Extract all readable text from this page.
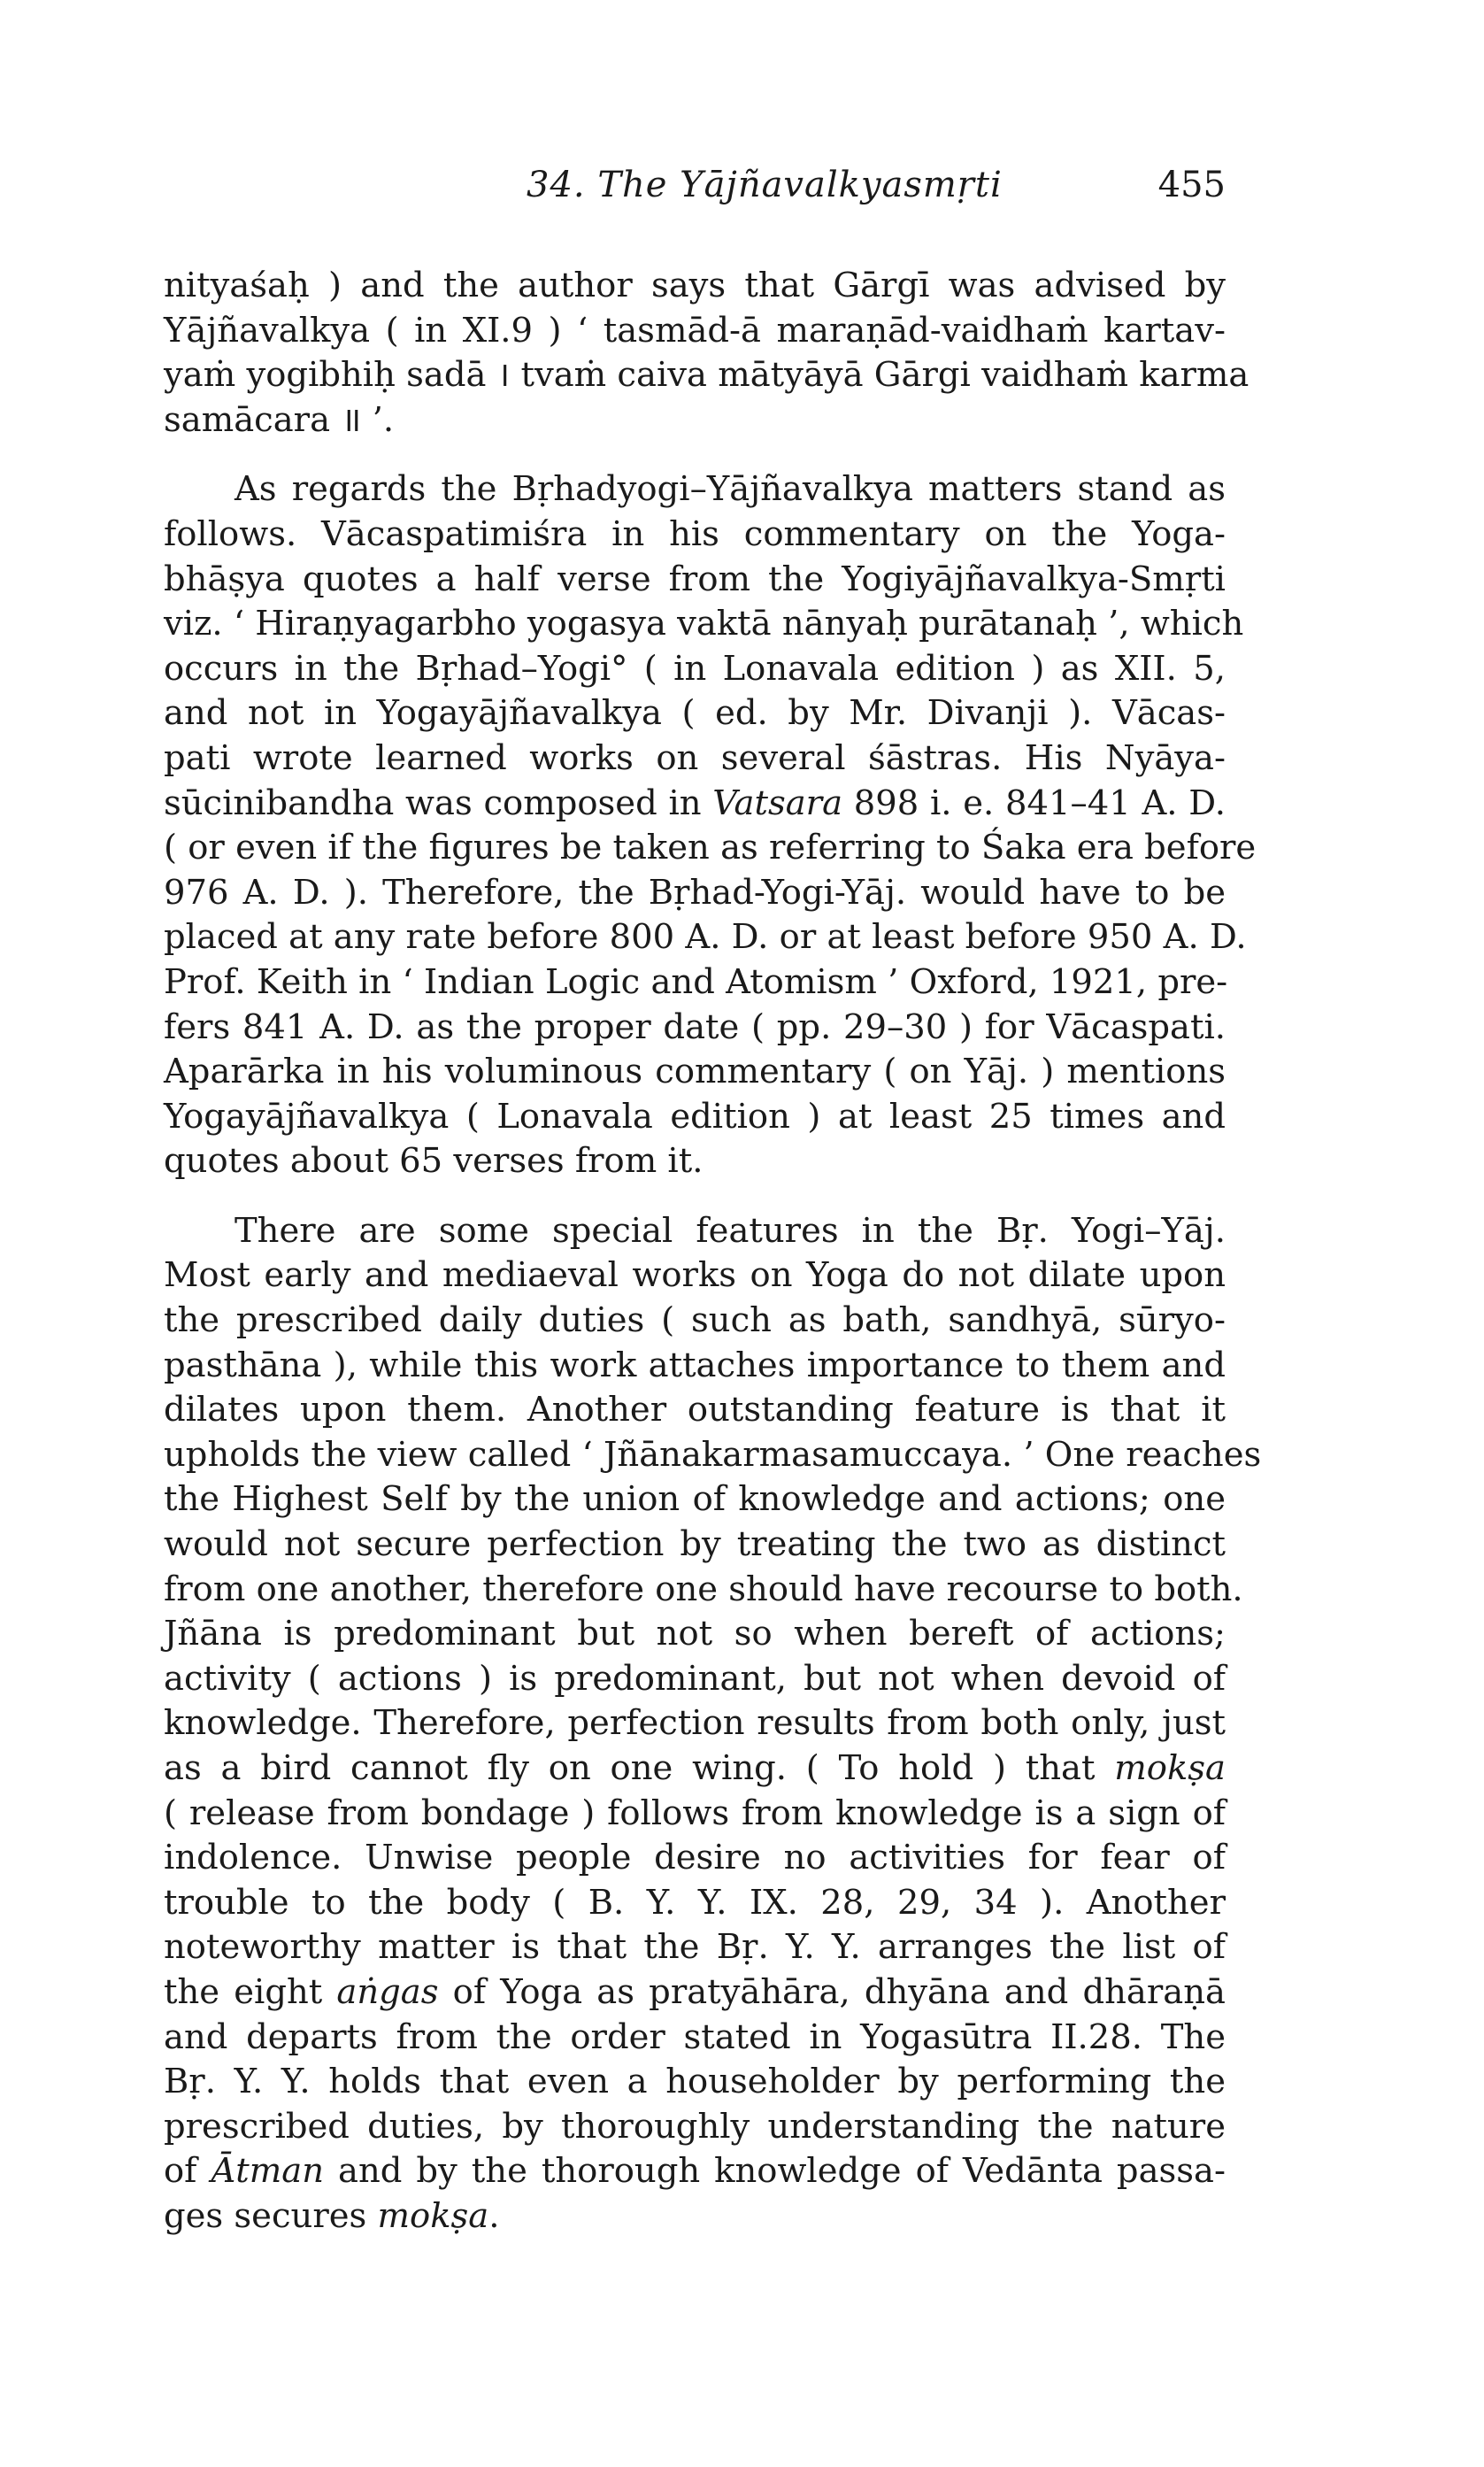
34. The Yājñavalkyasmṛti	455
nityaśaḥ ) and the author says that Gārgī was advised by
Yājñavalkya ( in XI.9 ) ‘ tasmād-ā maraṇād-vaidhaṁ kartav-
yaṁ yogibhiḥ sadā । tvaṁ caiva mātyāyā Gārgi vaidhaṁ karma
samācara ॥ ’.
As regards the Bṛhadyogi–Yājñavalkya matters stand as
follows. Vācaspatimiśra in his commentary on the Yoga-
bhāṣya quotes a half verse from the Yogiyājñavalkya-Smṛti
viz. ‘ Hiraṇyagarbho yogasya vaktā nānyaḥ purātanaḥ ’, which
occurs in the Bṛhad–Yogi° ( in Lonavala edition ) as XII. 5,
and not in Yogayājñavalkya ( ed. by Mr. Divanji ). Vācas-
pati wrote learned works on several śāstras. His Nyāya-
sūcinibandha was composed in Vatsara 898 i. e. 841–41 A. D.
( or even if the figures be taken as referring to Śaka era before
976 A. D. ). Therefore, the Bṛhad-Yogi-Yāj. would have to be
placed at any rate before 800 A. D. or at least before 950 A. D.
Prof. Keith in ‘ Indian Logic and Atomism ’ Oxford, 1921, pre-
fers 841 A. D. as the proper date ( pp. 29–30 ) for Vācaspati.
Aparārka in his voluminous commentary ( on Yāj. ) mentions
Yogayājñavalkya ( Lonavala edition ) at least 25 times and
quotes about 65 verses from it.
There are some special features in the Bṛ. Yogi–Yāj.
Most early and mediaeval works on Yoga do not dilate upon
the prescribed daily duties ( such as bath, sandhyā, sūryo-
pasthāna ), while this work attaches importance to them and
dilates upon them. Another outstanding feature is that it
upholds the view called ‘ Jñānakarmasamuccaya. ’ One reaches
the Highest Self by the union of knowledge and actions; one
would not secure perfection by treating the two as distinct
from one another, therefore one should have recourse to both.
Jñāna is predominant but not so when bereft of actions;
activity ( actions ) is predominant, but not when devoid of
knowledge. Therefore, perfection results from both only, just
as a bird cannot fly on one wing. ( To hold ) that mokṣa
( release from bondage ) follows from knowledge is a sign of
indolence. Unwise people desire no activities for fear of
trouble to the body ( B. Y. Y. IX. 28, 29, 34 ). Another
noteworthy matter is that the Bṛ. Y. Y. arranges the list of
the eight aṅgas of Yoga as pratyāhāra, dhyāna and dhāraṇā
and departs from the order stated in Yogasūtra II.28. The
Bṛ. Y. Y. holds that even a householder by performing the
prescribed duties, by thoroughly understanding the nature
of Ātman and by the thorough knowledge of Vedānta passa-
ges secures mokṣa.
